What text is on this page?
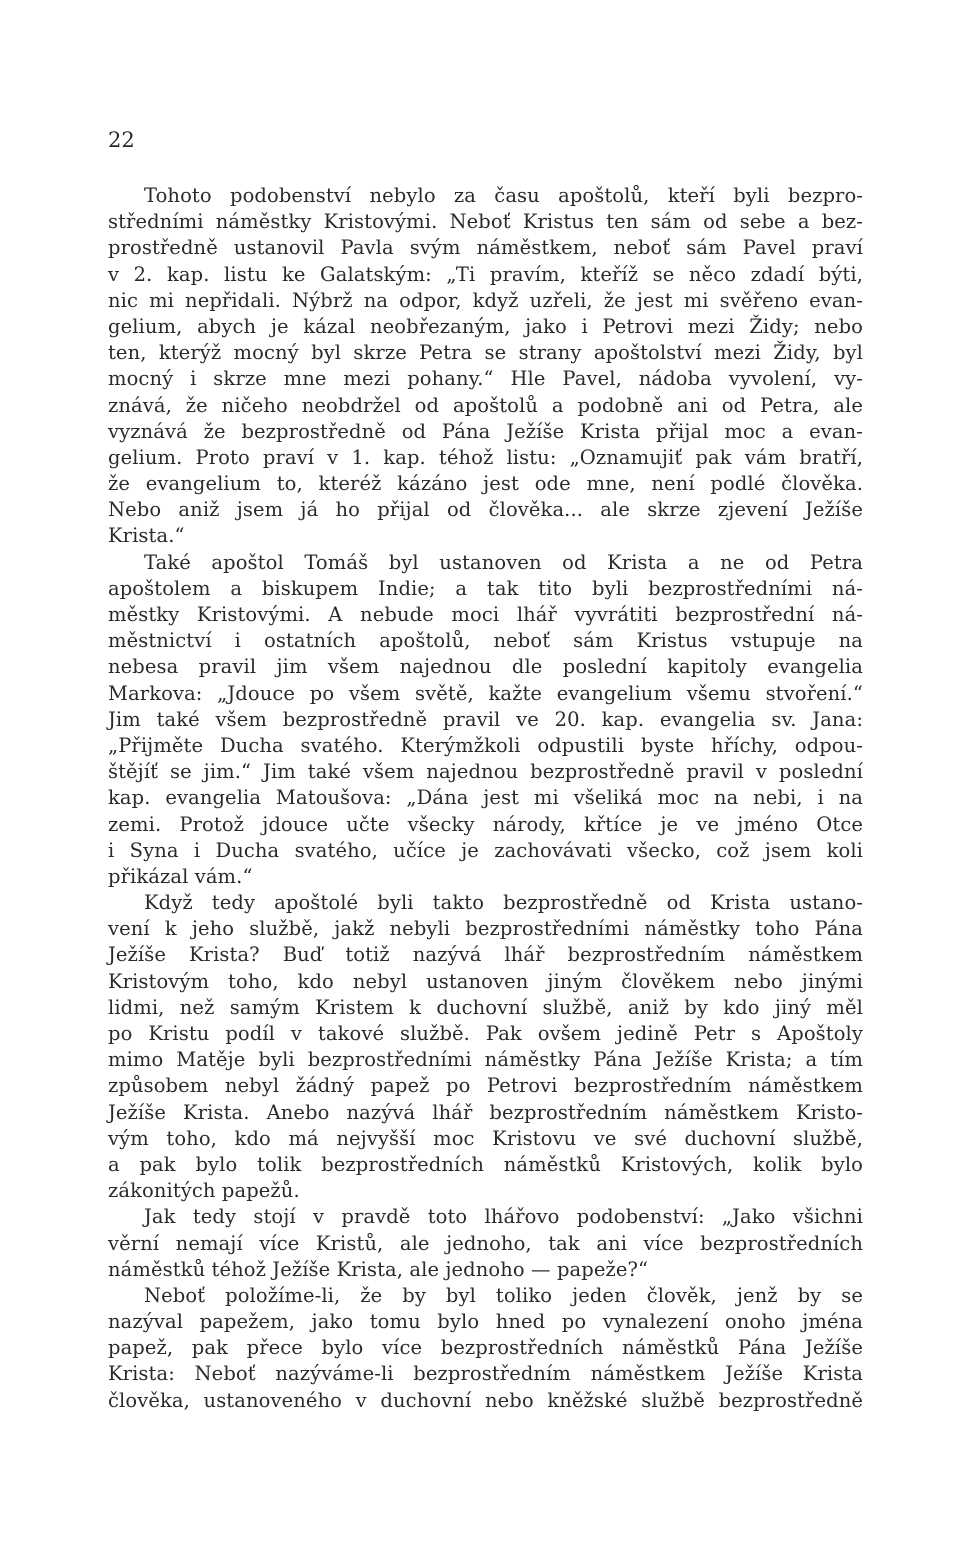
22
Tohoto podobenství nebylo za času apoštolů, kteří byli bezpro-
středními náměstky Kristovými. Neboť Kristus ten sám od sebe a bez-
prostředně ustanovil Pavla svým náměstkem, neboť sám Pavel praví
v 2. kap. listu ke Galatským: „Ti pravím, kteříž se něco zdadí býti,
nic mi nepřidali. Nýbrž na odpor, když uzřeli, že jest mi svěřeno evan-
gelium, abych je kázal neobřezaným, jako i Petrovi mezi Židy; nebo
ten, kterýž mocný byl skrze Petra se strany apoštolství mezi Židy, byl
mocný i skrze mne mezi pohany.“ Hle Pavel, nádoba vyvolení, vy-
znává, že ničeho neobdržel od apoštolů a podobně ani od Petra, ale
vyznává že bezprostředně od Pána Ježíše Krista přijal moc a evan-
gelium. Proto praví v 1. kap. téhož listu: „Oznamujiť pak vám bratří,
že evangelium to, kteréž kázáno jest ode mne, není podlé člověka.
Nebo aniž jsem já ho přijal od člověka... ale skrze zjevení Ježíše
Krista.“
Také apoštol Tomáš byl ustanoven od Krista a ne od Petra
apoštolem a biskupem Indie; a tak tito byli bezprostředními ná-
městky Kristovými. A nebude moci lhář vyvrátiti bezprostřední ná-
městnictví i ostatních apoštolů, neboť sám Kristus vstupuje na
nebesa pravil jim všem najednou dle poslední kapitoly evangelia
Markova: „Jdouce po všem světě, kažte evangelium všemu stvoření.“
Jim také všem bezprostředně pravil ve 20. kap. evangelia sv. Jana:
„Přijměte Ducha svatého. Kterýmžkoli odpustili byste hříchy, odpou-
štějíť se jim.“ Jim také všem najednou bezprostředně pravil v poslední
kap. evangelia Matoušova: „Dána jest mi všeliká moc na nebi, i na
zemi. Protož jdouce učte všecky národy, křtíce je ve jméno Otce
i Syna i Ducha svatého, učíce je zachovávati všecko, což jsem koli
přikázal vám.“
Když tedy apoštolé byli takto bezprostředně od Krista ustano-
vení k jeho službě, jakž nebyli bezprostředními náměstky toho Pána
Ježíše Krista? Buď totiž nazývá lhář bezprostředním náměstkem
Kristovým toho, kdo nebyl ustanoven jiným člověkem nebo jinými
lidmi, než samým Kristem k duchovní službě, aniž by kdo jiný měl
po Kristu podíl v takové službě. Pak ovšem jedině Petr s Apoštoly
mimo Matěje byli bezprostředními náměstky Pána Ježíše Krista; a tím
způsobem nebyl žádný papež po Petrovi bezprostředním náměstkem
Ježíše Krista. Anebo nazývá lhář bezprostředním náměstkem Kristo-
vým toho, kdo má nejvyšší moc Kristovu ve své duchovní službě,
a pak bylo tolik bezprostředních náměstků Kristových, kolik bylo
zákonitých papežů.
Jak tedy stojí v pravdě toto lhářovo podobenství: „Jako všichni
věrní nemají více Kristů, ale jednoho, tak ani více bezprostředních
náměstků téhož Ježíše Krista, ale jednoho — papeže?“
Neboť položíme-li, že by byl toliko jeden člověk, jenž by se
nazýval papežem, jako tomu bylo hned po vynalezení onoho jména
papež, pak přece bylo více bezprostředních náměstků Pána Ježíše
Krista: Neboť nazýváme-li bezprostředním náměstkem Ježíše Krista
člověka, ustanoveného v duchovní nebo kněžské službě bezprostředně
